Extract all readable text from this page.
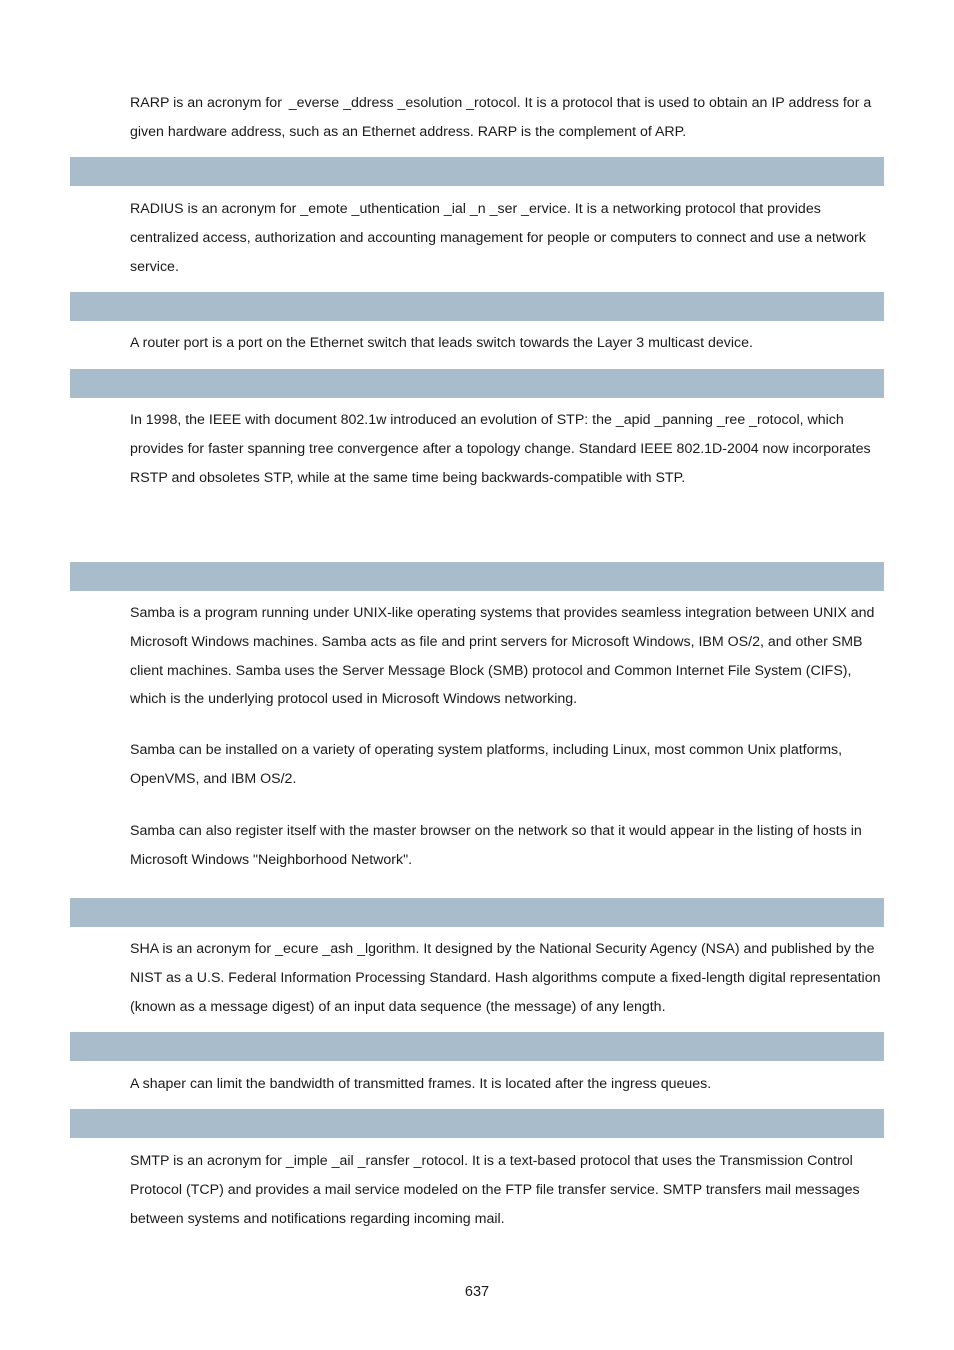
RARP is an acronym for  _everse _ddress _esolution _rotocol. It is a protocol that is used to obtain an IP address for a given hardware address, such as an Ethernet address. RARP is the complement of ARP.

RADIUS is an acronym for _emote _uthentication _ial _n _ser _ervice. It is a networking protocol that provides centralized access, authorization and accounting management for people or computers to connect and use a network service.

A router port is a port on the Ethernet switch that leads switch towards the Layer 3 multicast device.

In 1998, the IEEE with document 802.1w introduced an evolution of STP: the _apid _panning _ree _rotocol, which provides for faster spanning tree convergence after a topology change. Standard IEEE 802.1D-2004 now incorporates RSTP and obsoletes STP, while at the same time being backwards-compatible with STP.

Samba is a program running under UNIX-like operating systems that provides seamless integration between UNIX and Microsoft Windows machines. Samba acts as file and print servers for Microsoft Windows, IBM OS/2, and other SMB client machines. Samba uses the Server Message Block (SMB) protocol and Common Internet File System (CIFS), which is the underlying protocol used in Microsoft Windows networking.

Samba can be installed on a variety of operating system platforms, including Linux, most common Unix platforms, OpenVMS, and IBM OS/2.

Samba can also register itself with the master browser on the network so that it would appear in the listing of hosts in Microsoft Windows "Neighborhood Network".

SHA is an acronym for _ecure _ash _lgorithm. It designed by the National Security Agency (NSA) and published by the NIST as a U.S. Federal Information Processing Standard. Hash algorithms compute a fixed-length digital representation (known as a message digest) of an input data sequence (the message) of any length.

A shaper can limit the bandwidth of transmitted frames. It is located after the ingress queues.

SMTP is an acronym for _imple _ail _ransfer _rotocol. It is a text-based protocol that uses the Transmission Control Protocol (TCP) and provides a mail service modeled on the FTP file transfer service. SMTP transfers mail messages between systems and notifications regarding incoming mail.

637
